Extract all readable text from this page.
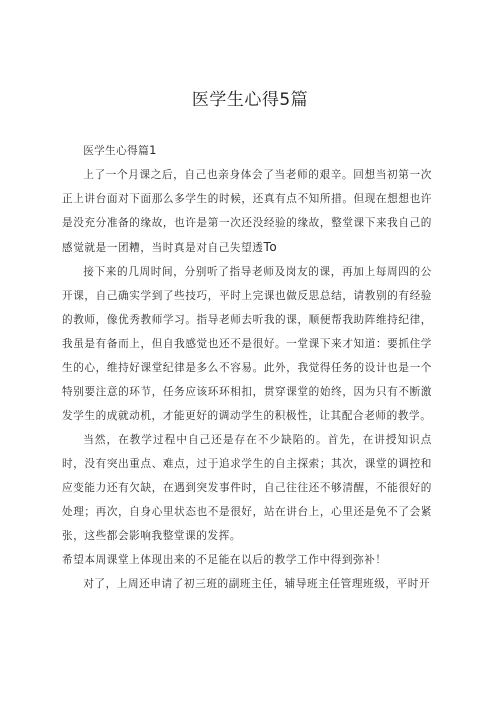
医学生心得5篇

医学生心得篇1

上了一个月课之后，自己也亲身体会了当老师的艰辛。回想当初第一次正上讲台面对下面那么多学生的时候，还真有点不知所措。但现在想想也许是没充分准备的缘故，也许是第一次还没经验的缘故，整堂课下来我自己的感觉就是一团糟，当时真是对自己失望透To

接下来的几周时间，分别听了指导老师及岗友的课，再加上每周四的公开课，自己确实学到了些技巧，平时上完课也做反思总结，请教别的有经验的教师，像优秀教师学习。指导老师去听我的课，顺便帮我助阵维持纪律，我虽是有备而上，但自我感觉也还不是很好。一堂课下来才知道：要抓住学生的心，维持好课堂纪律是多么不容易。此外，我觉得任务的设计也是一个特别要注意的环节，任务应该环环相扣，贯穿课堂的始终，因为只有不断激发学生的成就动机，才能更好的调动学生的积极性，让其配合老师的教学。

当然，在教学过程中自己还是存在不少缺陷的。首先，在讲授知识点时，没有突出重点、难点，过于追求学生的自主探索；其次，课堂的调控和应变能力还有欠缺，在遇到突发事件时，自己往往还不够清醒，不能很好的处理；再次，自身心里状态也不是很好，站在讲台上，心里还是免不了会紧张，这些都会影响我整堂课的发挥。

希望本周课堂上体现出来的不足能在以后的教学工作中得到弥补！

对了，上周还申请了初三班的副班主任，辅导班主任管理班级，平时开
